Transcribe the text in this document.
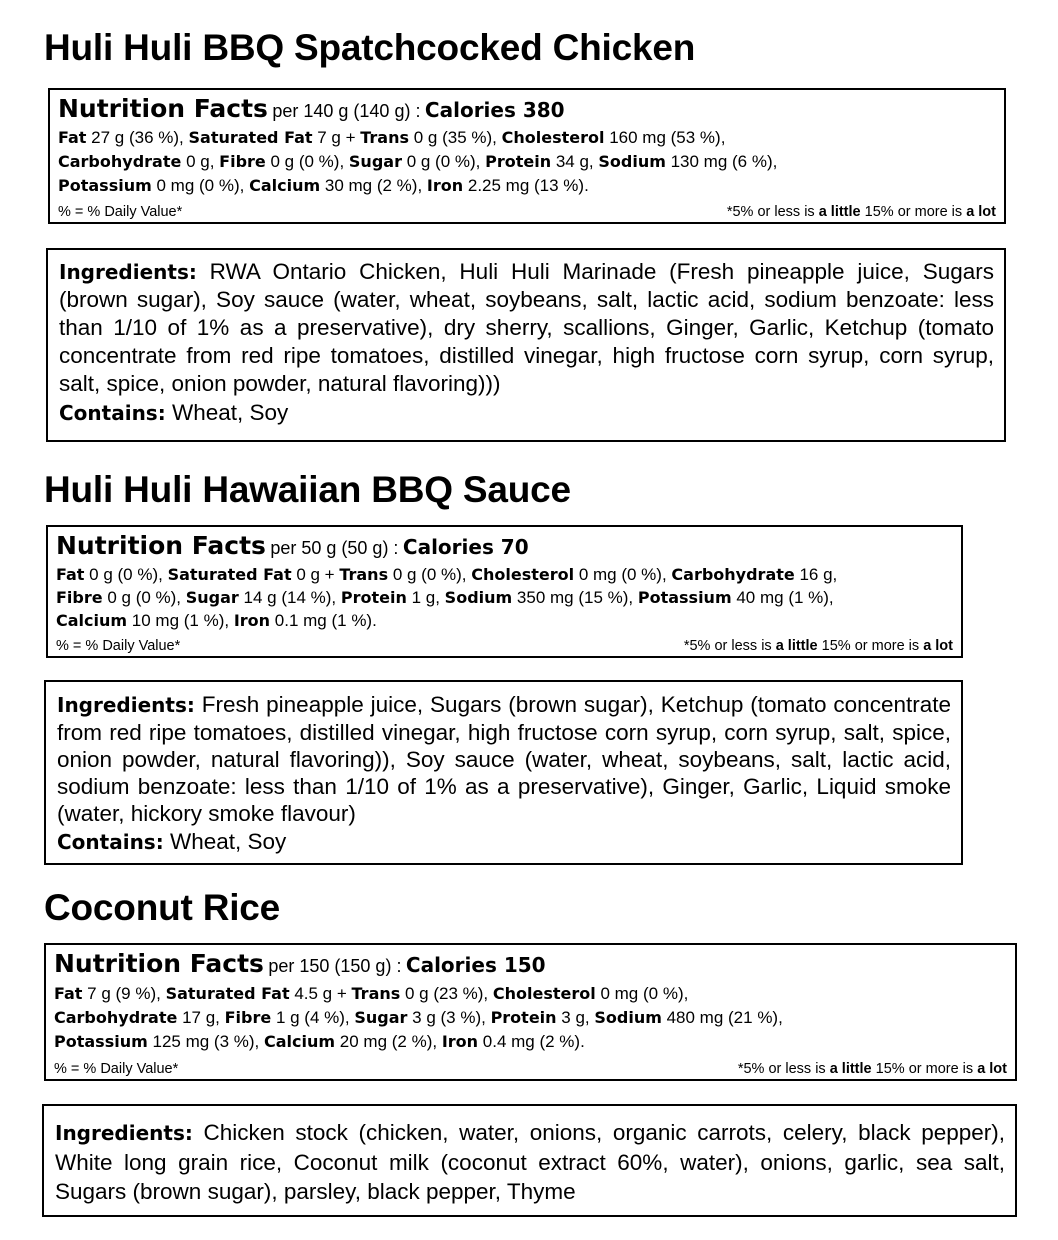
Huli Huli BBQ Spatchcocked Chicken
Nutrition Facts per 140 g (140 g) : Calories 380
Fat 27 g (36 %), Saturated Fat 7 g + Trans 0 g (35 %), Cholesterol 160 mg (53 %),
Carbohydrate 0 g, Fibre 0 g (0 %), Sugar 0 g (0 %), Protein 34 g, Sodium 130 mg (6 %),
Potassium 0 mg (0 %), Calcium 30 mg (2 %), Iron 2.25 mg (13 %).
% = % Daily Value*	*5% or less is a little 15% or more is a lot

Ingredients: RWA Ontario Chicken, Huli Huli Marinade (Fresh pineapple juice, Sugars (brown sugar), Soy sauce (water, wheat, soybeans, salt, lactic acid, sodium benzoate: less than 1/10 of 1% as a preservative), dry sherry, scallions, Ginger, Garlic, Ketchup (tomato concentrate from red ripe tomatoes, distilled vinegar, high fructose corn syrup, corn syrup, salt, spice, onion powder, natural flavoring)))

Contains: Wheat, Soy

Huli Huli Hawaiian BBQ Sauce
Nutrition Facts per 50 g (50 g) : Calories 70
Fat 0 g (0 %), Saturated Fat 0 g + Trans 0 g (0 %), Cholesterol 0 mg (0 %), Carbohydrate 16 g,
Fibre 0 g (0 %), Sugar 14 g (14 %), Protein 1 g, Sodium 350 mg (15 %), Potassium 40 mg (1 %),
Calcium 10 mg (1 %), Iron 0.1 mg (1 %).
% = % Daily Value*	*5% or less is a little 15% or more is a lot

Ingredients: Fresh pineapple juice, Sugars (brown sugar), Ketchup (tomato concentrate from red ripe tomatoes, distilled vinegar, high fructose corn syrup, corn syrup, salt, spice, onion powder, natural flavoring)), Soy sauce (water, wheat, soybeans, salt, lactic acid, sodium benzoate: less than 1/10 of 1% as a preservative), Ginger, Garlic, Liquid smoke (water, hickory smoke flavour)

Contains: Wheat, Soy

Coconut Rice
Nutrition Facts per 150 (150 g) : Calories 150
Fat 7 g (9 %), Saturated Fat 4.5 g + Trans 0 g (23 %), Cholesterol 0 mg (0 %),
Carbohydrate 17 g, Fibre 1 g (4 %), Sugar 3 g (3 %), Protein 3 g, Sodium 480 mg (21 %),
Potassium 125 mg (3 %), Calcium 20 mg (2 %), Iron 0.4 mg (2 %).
% = % Daily Value*	*5% or less is a little 15% or more is a lot

Ingredients: Chicken stock (chicken, water, onions, organic carrots, celery, black pepper), White long grain rice, Coconut milk (coconut extract 60%, water), onions, garlic, sea salt, Sugars (brown sugar), parsley, black pepper, Thyme
